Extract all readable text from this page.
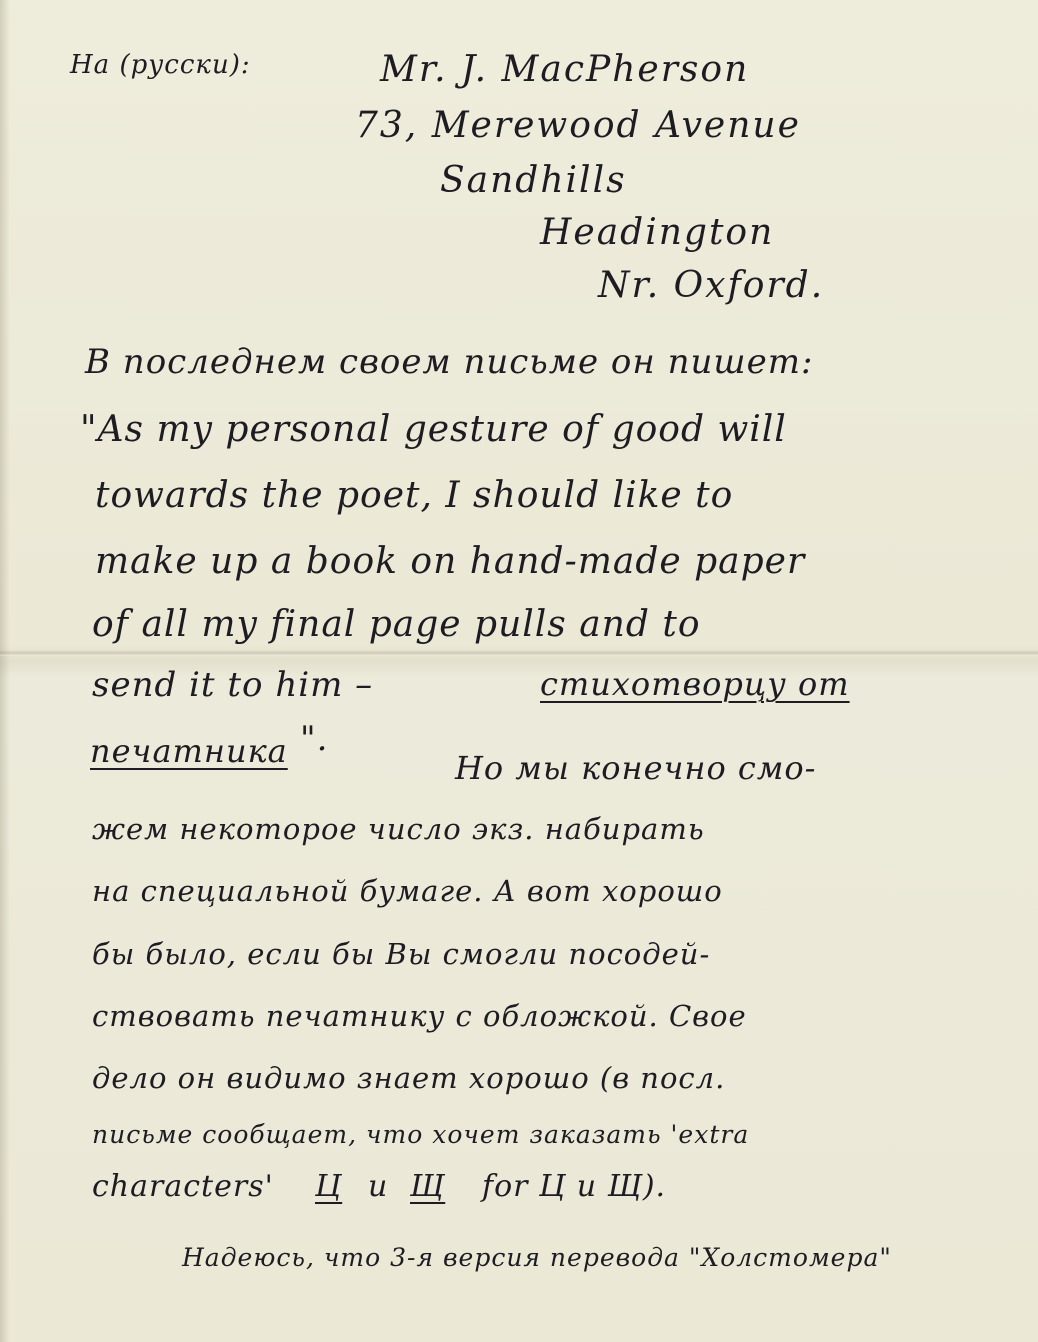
На (русски):	Mr. J. MacPherson
73, Merewood Avenue
Sandhills
Headington
Nr. Oxford.
В последнем своем письме он пишет:
"As my personal gesture of good will
towards the poet, I should like to
make up a book on hand-made paper
of all my final page pulls and to
send it to him –	стихотворцу от
печатника ".
Но мы конечно смо-
жем некоторое число экз. набирать
на специальной бумаге. А вот хорошо
бы было, если бы Вы смогли посодей-
ствовать печатнику с обложкой. Свое
дело он видимо знает хорошо (в посл.
письме сообщает, что хочет заказать 'extra
characters' Ц и Щ for Ц и Щ).
Надеюсь, что 3-я версия перевода "Холстомера"
